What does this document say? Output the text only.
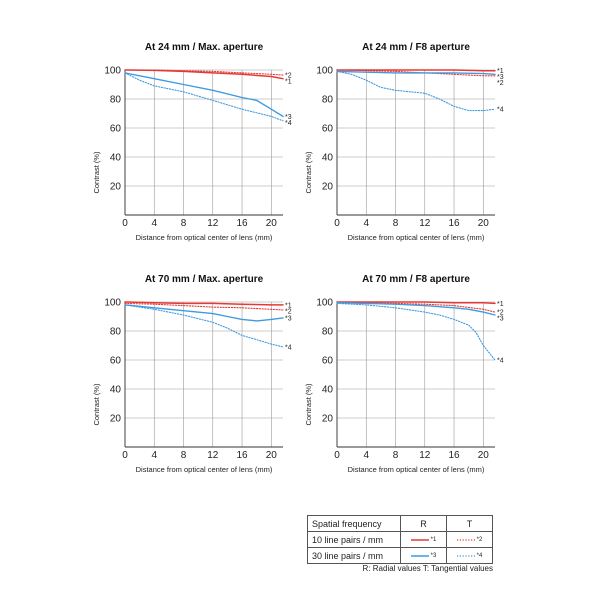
At 24 mm / Max. aperture
20
40
60
80
100
0 4 8 12 16 20
Distance from optical center of lens (mm)
Contrast (%)
*2
*1
*3
*4
At 24 mm / F8 aperture
20
40
60
80
100
0 4 8 12 16 20
Distance from optical center of lens (mm)
Contrast (%)
*1
*3
*2
*4
At 70 mm / Max. aperture
20
40
60
80
100
0 4 8 12 16 20
Distance from optical center of lens (mm)
Contrast (%)
*1
*2
*3
*4
At 70 mm / F8 aperture
20
40
60
80
100
0 4 8 12 16 20
Distance from optical center of lens (mm)
Contrast (%)
*1
*2
*3
*4
Spatial frequency	R	T
10 line pairs / mm	*1	*2
30 line pairs / mm	*3	*4
R: Radial values T: Tangential values
